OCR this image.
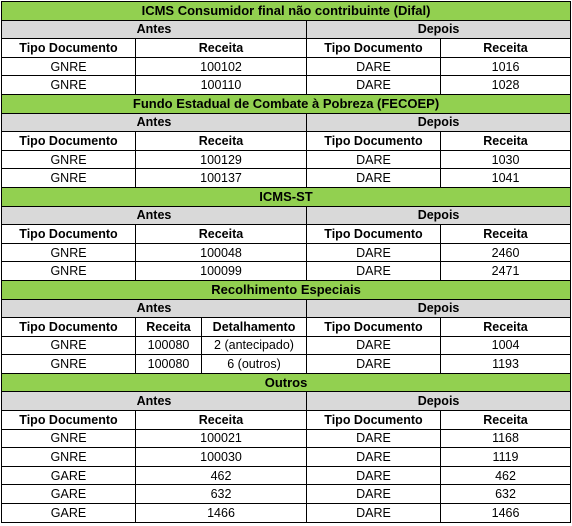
ICMS Consumidor final não contribuinte (Difal)				
Antes			Depois	
Tipo Documento	Receita		Tipo Documento	Receita
GNRE	100102		DARE	1016
GNRE	100110		DARE	1028
Fundo Estadual de Combate à Pobreza (FECOEP)				
Antes			Depois	
Tipo Documento	Receita		Tipo Documento	Receita
GNRE	100129		DARE	1030
GNRE	100137		DARE	1041
ICMS-ST				
Antes			Depois	
Tipo Documento	Receita		Tipo Documento	Receita
GNRE	100048		DARE	2460
GNRE	100099		DARE	2471
Recolhimento Especiais				
Antes			Depois	
Tipo Documento	Receita	Detalhamento	Tipo Documento	Receita
GNRE	100080	2 (antecipado)	DARE	1004
GNRE	100080	6 (outros)	DARE	1193
Outros				
Antes			Depois	
Tipo Documento	Receita		Tipo Documento	Receita
GNRE	100021		DARE	1168
GNRE	100030		DARE	1119
GARE	462		DARE	462
GARE	632		DARE	632
GARE	1466		DARE	1466
